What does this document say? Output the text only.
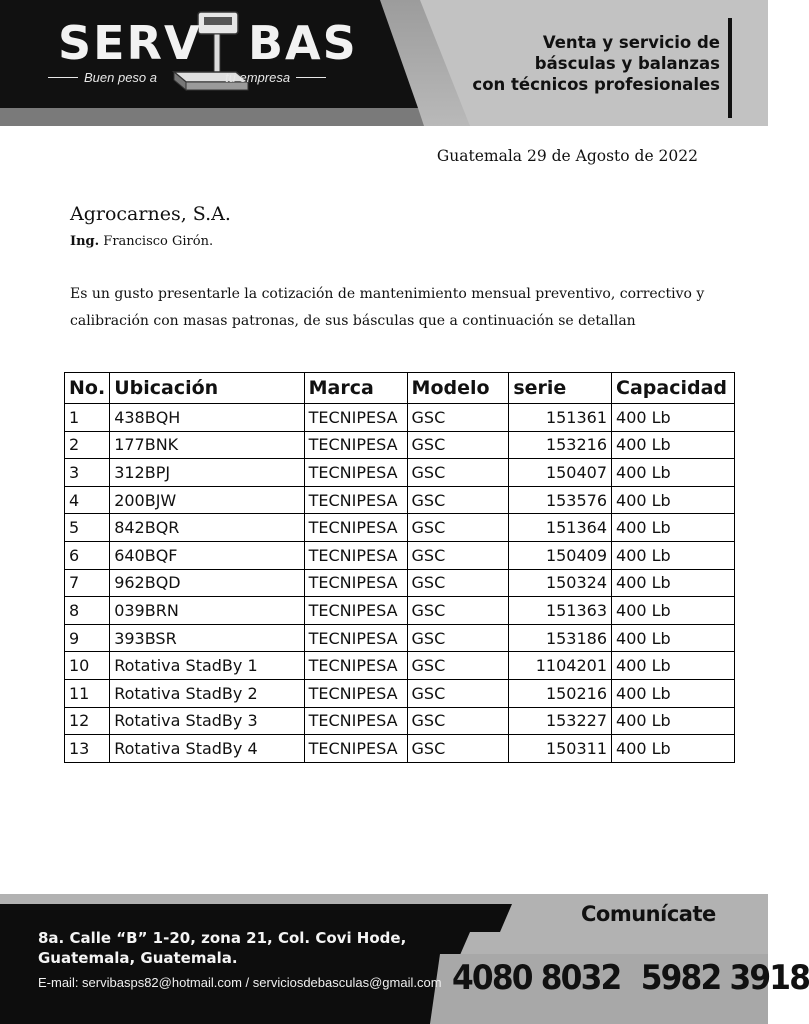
SERV BAS
Buen peso a	tu empresa
Venta y servicio de
básculas y balanzas
con técnicos profesionales
Guatemala 29 de Agosto de 2022
Agrocarnes, S.A.
Ing. Francisco Girón.
Es un gusto presentarle la cotización de mantenimiento mensual preventivo, correctivo y calibración con masas patronas, de sus básculas que a continuación se detallan
No.	Ubicación	Marca	Modelo	serie	Capacidad
1	438BQH	TECNIPESA	GSC	151361	400 Lb
2	177BNK	TECNIPESA	GSC	153216	400 Lb
3	312BPJ	TECNIPESA	GSC	150407	400 Lb
4	200BJW	TECNIPESA	GSC	153576	400 Lb
5	842BQR	TECNIPESA	GSC	151364	400 Lb
6	640BQF	TECNIPESA	GSC	150409	400 Lb
7	962BQD	TECNIPESA	GSC	150324	400 Lb
8	039BRN	TECNIPESA	GSC	151363	400 Lb
9	393BSR	TECNIPESA	GSC	153186	400 Lb
10	Rotativa StadBy 1	TECNIPESA	GSC	1104201	400 Lb
11	Rotativa StadBy 2	TECNIPESA	GSC	150216	400 Lb
12	Rotativa StadBy 3	TECNIPESA	GSC	153227	400 Lb
13	Rotativa StadBy 4	TECNIPESA	GSC	150311	400 Lb
8a. Calle “B” 1-20, zona 21, Col. Covi Hode,
Guatemala, Guatemala.
E-mail: servibasps82@hotmail.com / serviciosdebasculas@gmail.com
Comunícate
4080 8032 5982 3918
